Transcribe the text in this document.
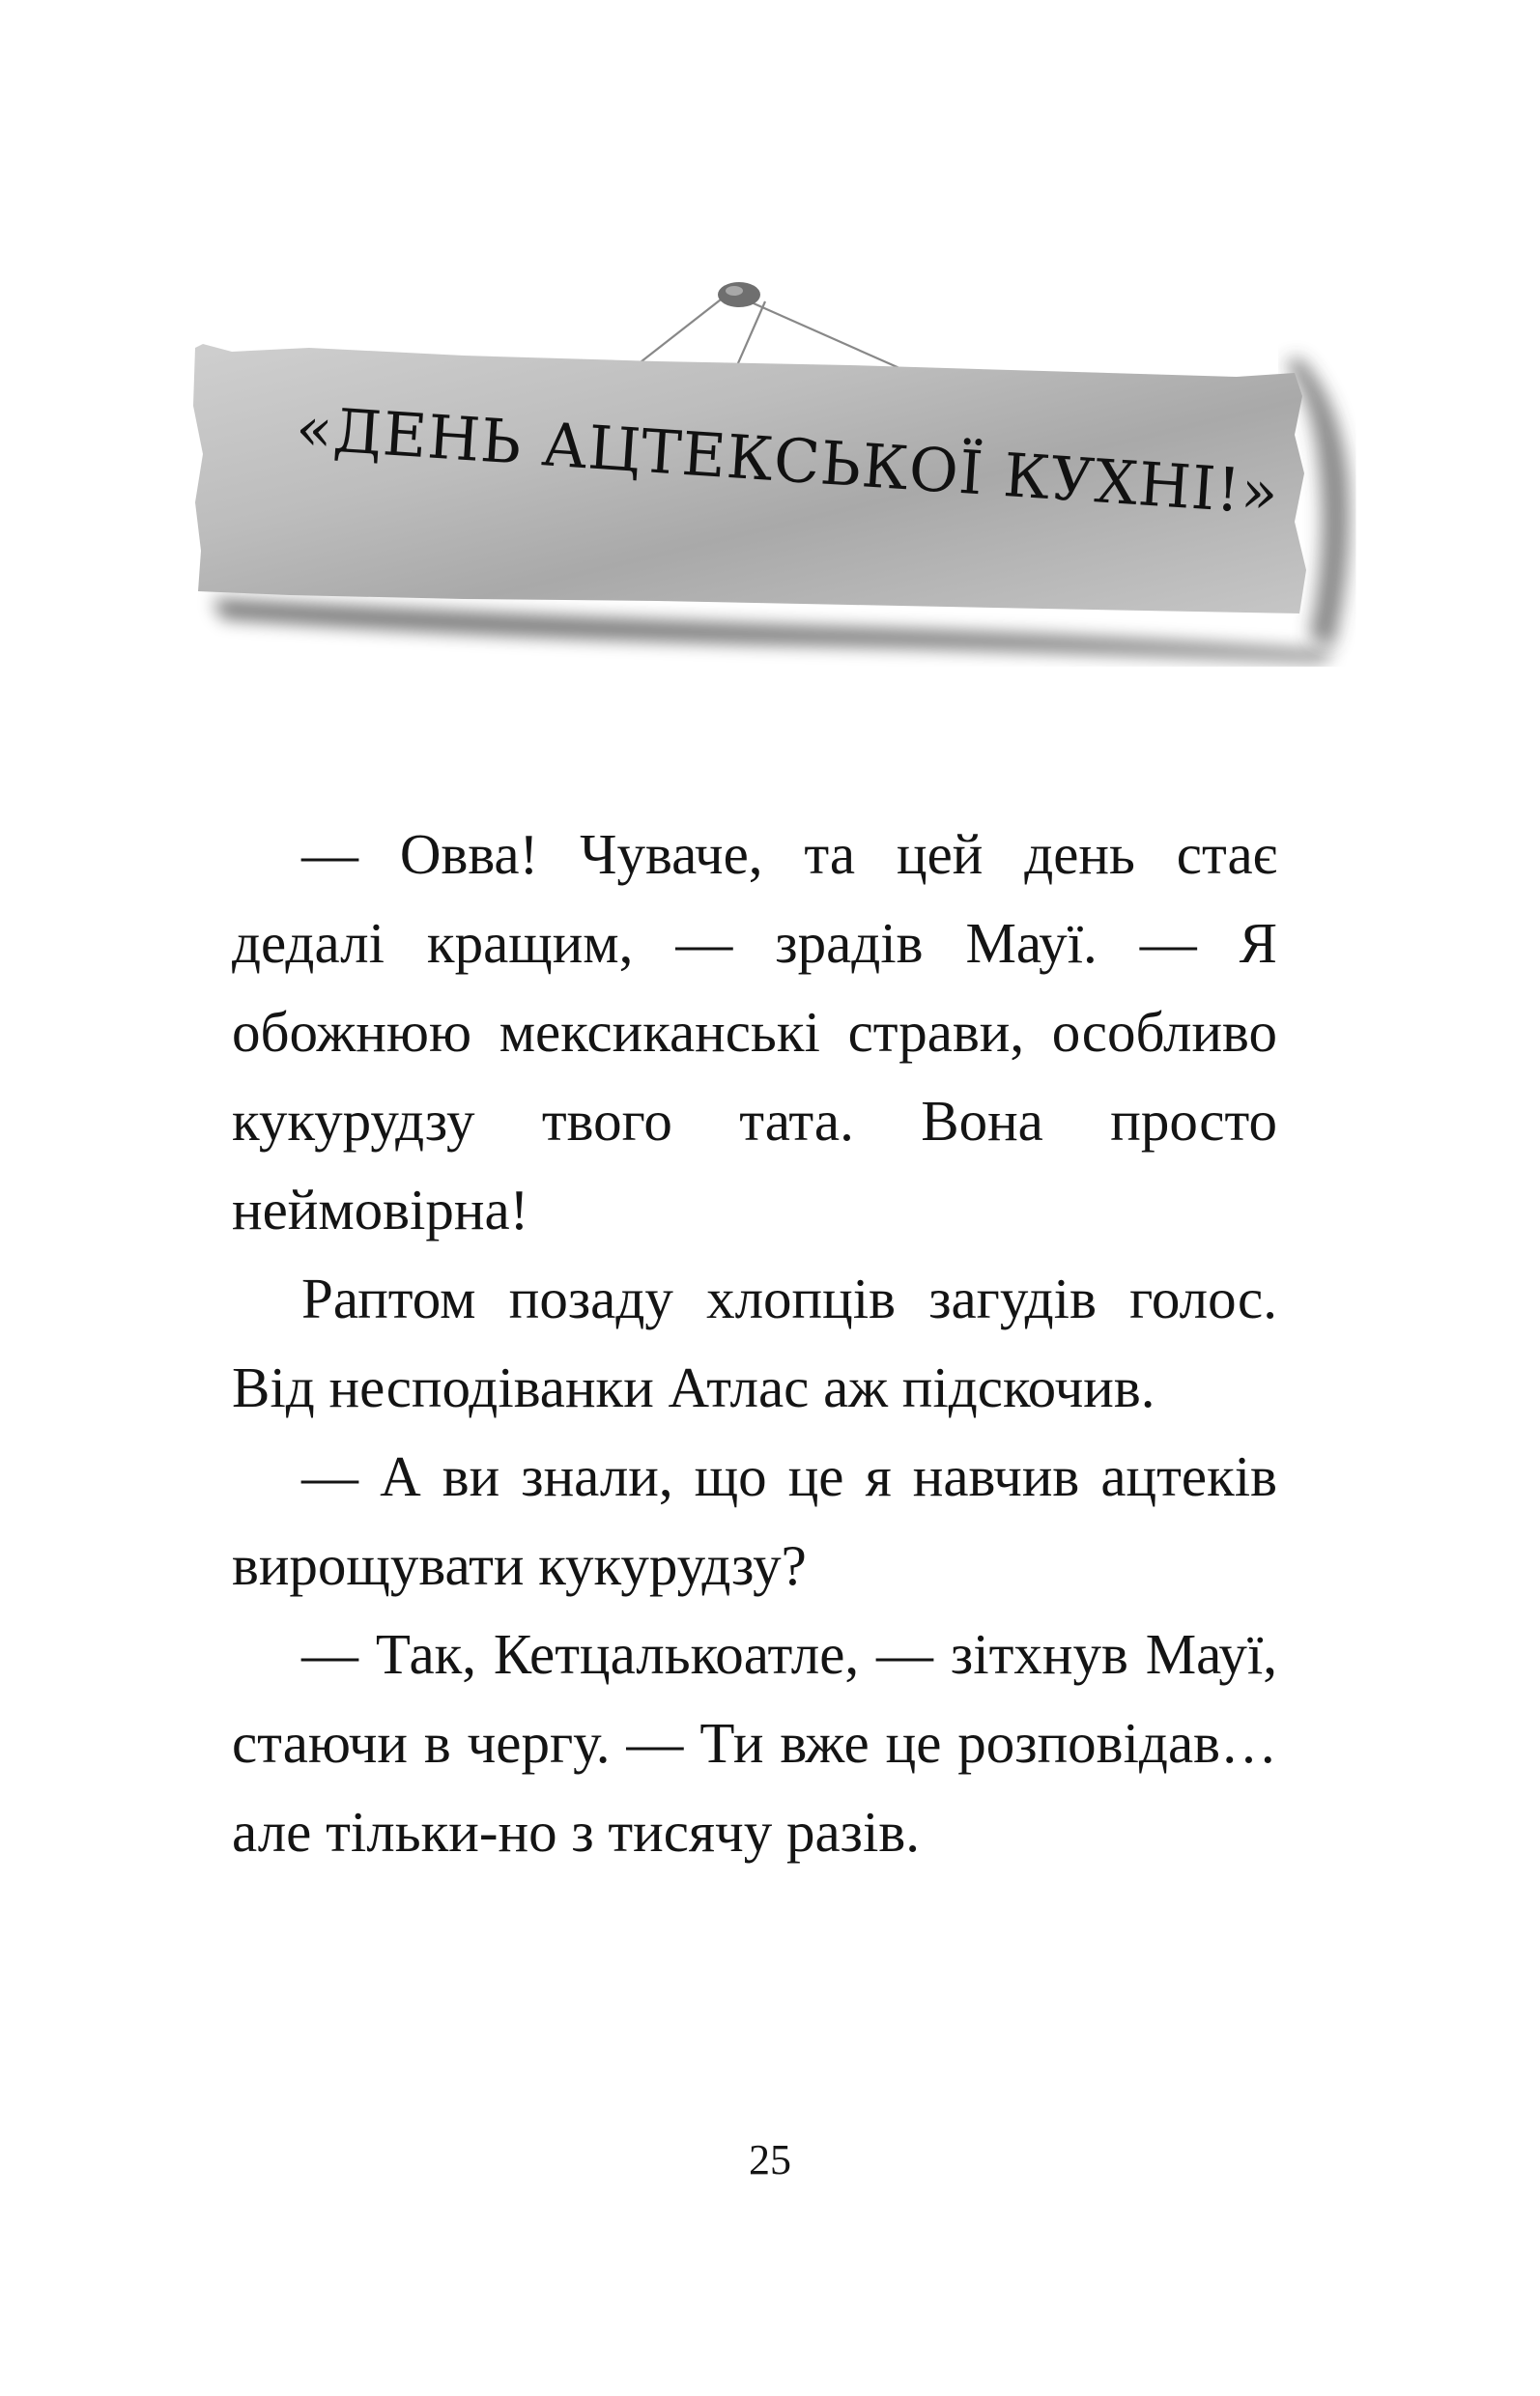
«ДЕНЬ АЦТЕКСЬКОЇ КУХНІ!»

— Овва! Чуваче, та цей день стає дедалі кращим, — зрадів Мауї. — Я обожнюю мексиканські страви, особливо кукурудзу твого тата. Вона просто неймовірна!

Раптом позаду хлопців загудів голос. Від несподіванки Атлас аж підскочив.

— А ви знали, що це я навчив ацтеків вирощувати кукурудзу?

— Так, Кетцалькоатле, — зітхнув Мауї, стаючи в чергу. — Ти вже це розповідав… але тільки-но з тисячу разів.

25
